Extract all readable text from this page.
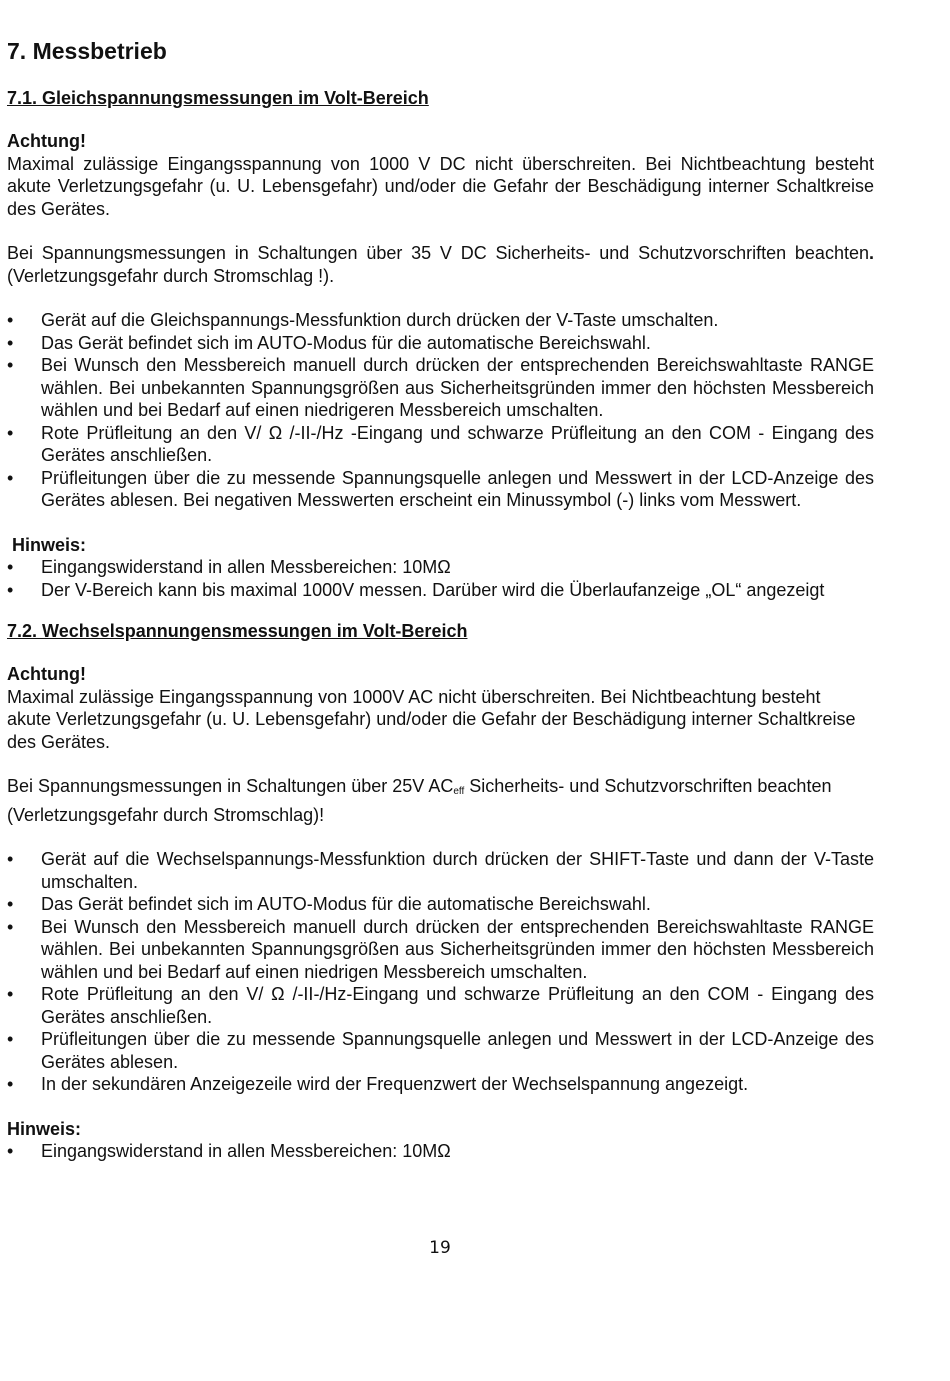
7. Messbetrieb
7.1. Gleichspannungsmessungen im Volt-Bereich
Achtung!

Maximal zulässige Eingangsspannung von 1000 V DC nicht überschreiten. Bei Nichtbeachtung besteht akute Verletzungsgefahr (u. U. Lebensgefahr) und/oder die Gefahr der Beschädigung interner Schaltkreise des Gerätes.

Bei Spannungsmessungen in Schaltungen über 35 V DC Sicherheits- und Schutzvorschriften beachten. (Verletzungsgefahr durch Stromschlag !).

• Gerät auf die Gleichspannungs-Messfunktion durch drücken der V-Taste umschalten.
• Das Gerät befindet sich im AUTO-Modus für die automatische Bereichswahl.
• Bei Wunsch den Messbereich manuell durch drücken der entsprechenden Bereichswahltaste RANGE wählen. Bei unbekannten Spannungsgrößen aus Sicherheitsgründen immer den höchsten Messbereich wählen und bei Bedarf auf einen niedrigeren Messbereich umschalten.
• Rote Prüfleitung an den V/ Ω /-II-/Hz -Eingang und schwarze Prüfleitung an den COM - Eingang des Gerätes anschließen.
• Prüfleitungen über die zu messende Spannungsquelle anlegen und Messwert in der LCD-Anzeige des Gerätes ablesen. Bei negativen Messwerten erscheint ein Minussymbol (-) links vom Messwert.
Hinweis:
• Eingangswiderstand in allen Messbereichen: 10MΩ
• Der V-Bereich kann bis maximal 1000V messen. Darüber wird die Überlaufanzeige „OL“ angezeigt
7.2. Wechselspannungensmessungen im Volt-Bereich
Achtung!

Maximal zulässige Eingangsspannung von 1000V AC nicht überschreiten. Bei Nichtbeachtung besteht

akute Verletzungsgefahr (u. U. Lebensgefahr) und/oder die Gefahr der Beschädigung interner Schaltkreise des Gerätes.

Bei Spannungsmessungen in Schaltungen über 25V $AC_{eff}$ Sicherheits- und Schutzvorschriften beachten (Verletzungsgefahr durch Stromschlag)!

• Gerät auf die Wechselspannungs-Messfunktion durch drücken der SHIFT-Taste und dann der V-Taste umschalten.
• Das Gerät befindet sich im AUTO-Modus für die automatische Bereichswahl.
• Bei Wunsch den Messbereich manuell durch drücken der entsprechenden Bereichswahltaste RANGE wählen. Bei unbekannten Spannungsgrößen aus Sicherheitsgründen immer den höchsten Messbereich wählen und bei Bedarf auf einen niedrigen Messbereich umschalten.
• Rote Prüfleitung an den V/ Ω /-II-/Hz-Eingang und schwarze Prüfleitung an den COM - Eingang des Gerätes anschließen.
• Prüfleitungen über die zu messende Spannungsquelle anlegen und Messwert in der LCD-Anzeige des Gerätes ablesen.
• In der sekundären Anzeigezeile wird der Frequenzwert der Wechselspannung angezeigt.
Hinweis:
• Eingangswiderstand in allen Messbereichen: 10MΩ
19
